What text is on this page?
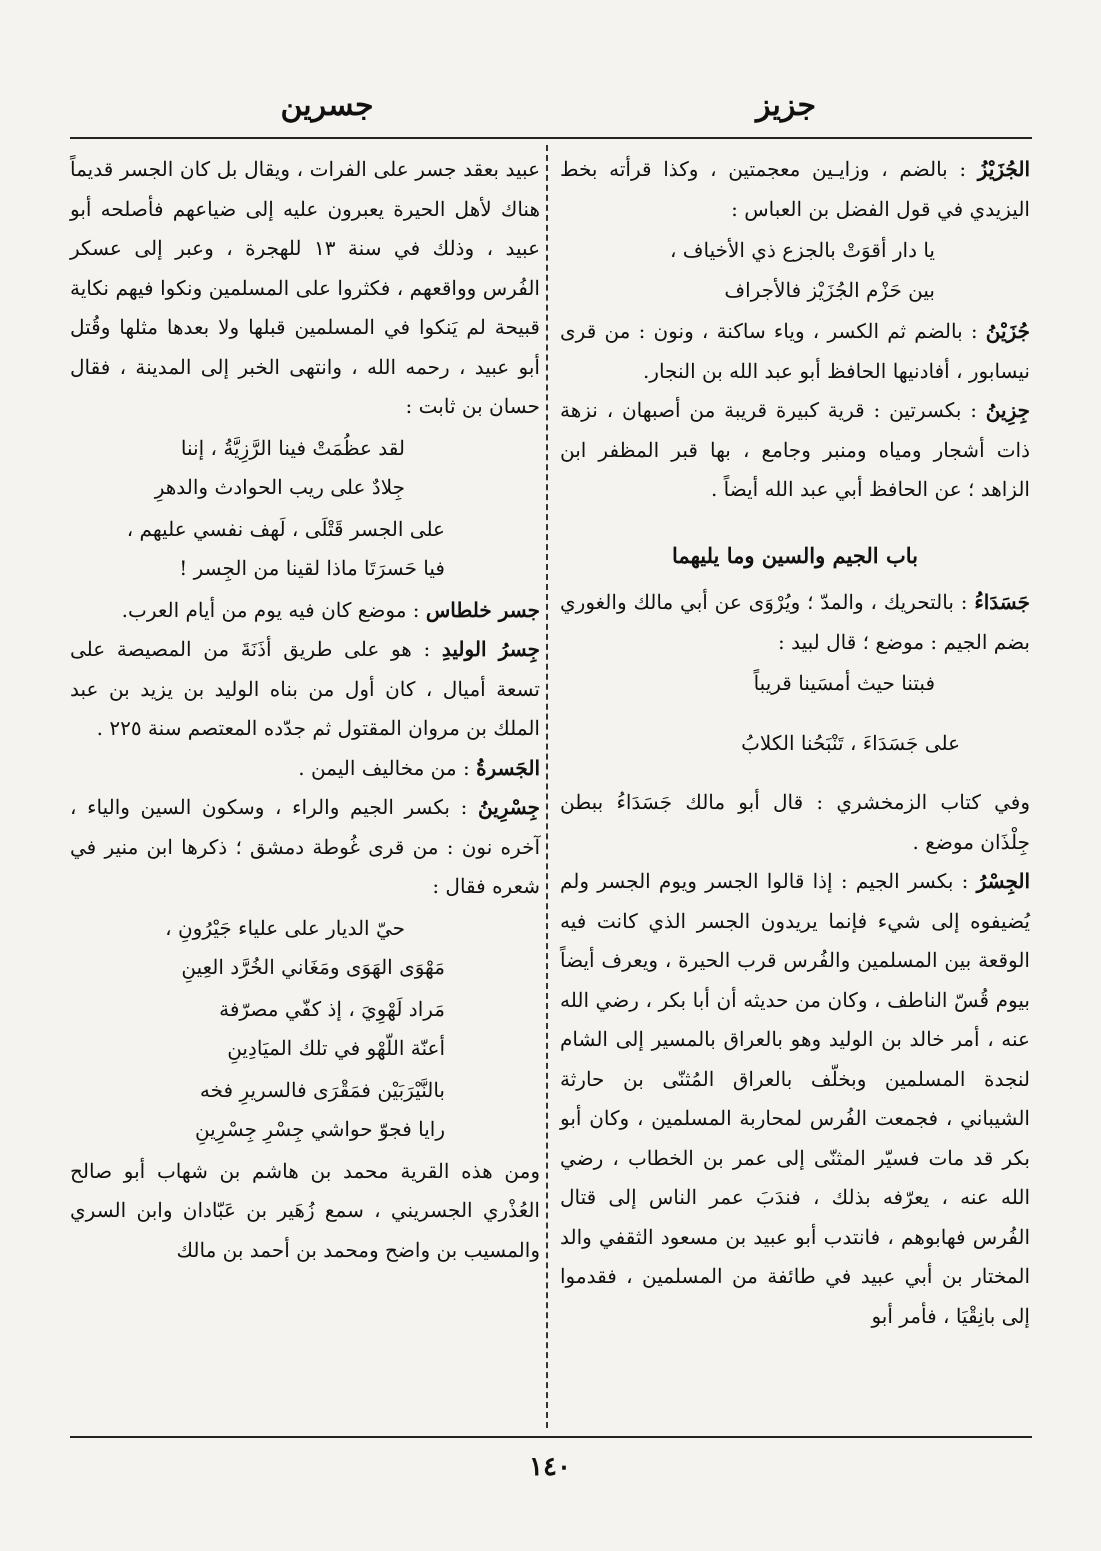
جزيز
جسرين

الجُزَيْزُ : بالضم ، وزايـين معجمتين ، وكذا قرأته بخط اليزيدي في قول الفضل بن العباس :

يا دار أقوَتْ بالجزع ذي الأخياف ،

بين حَزْم الجُزَيْز فالأجراف

جُزَيْنُ : بالضم ثم الكسر ، وياء ساكنة ، ونون : من قرى نيسابور ، أفادنيها الحافظ أبو عبد الله بن النجار.

جِزِينُ : بكسرتين : قرية كبيرة قريبة من أصبهان ، نزهة ذات أشجار ومياه ومنبر وجامع ، بها قبر المظفر ابن الزاهد ؛ عن الحافظ أبي عبد الله أيضاً .

باب الجيم والسين وما يليهما

جَسَدَاءُ : بالتحريك ، والمدّ ؛ ويُرْوَى عن أبي مالك والغوري بضم الجيم : موضع ؛ قال لبيد :

فبتنا حيث أمسَينا قريباً

على جَسَدَاءَ ، تَنْبَحُنا الكلابُ

وفي كتاب الزمخشري : قال أبو مالك جَسَدَاءُ ببطن جِلْذَان موضع .

الجِسْرُ : بكسر الجيم : إذا قالوا الجسر ويوم الجسر ولم يُضيفوه إلى شيء فإنما يريدون الجسر الذي كانت فيه الوقعة بين المسلمين والفُرس قرب الحيرة ، ويعرف أيضاً بيوم قُسّ الناطف ، وكان من حديثه أن أبا بكر ، رضي الله عنه ، أمر خالد بن الوليد وهو بالعراق بالمسير إلى الشام لنجدة المسلمين وبخلّف بالعراق المُثنّى بن حارثة الشيباني ، فجمعت الفُرس لمحاربة المسلمين ، وكان أبو بكر قد مات فسيّر المثنّى إلى عمر بن الخطاب ، رضي الله عنه ، يعرّفه بذلك ، فندَبَ عمر الناس إلى قتال الفُرس فهابوهم ، فانتدب أبو عبيد بن مسعود الثقفي والد المختار بن أبي عبيد في طائفة من المسلمين ، فقدموا إلى بانِقْيَا ، فأمر أبو

عبيد بعقد جسر على الفرات ، ويقال بل كان الجسر قديماً هناك لأهل الحيرة يعبرون عليه إلى ضياعهم فأصلحه أبو عبيد ، وذلك في سنة ١٣ للهجرة ، وعبر إلى عسكر الفُرس وواقعهم ، فكثروا على المسلمين ونكوا فيهم نكاية قبيحة لم يَنكوا في المسلمين قبلها ولا بعدها مثلها وقُتل أبو عبيد ، رحمه الله ، وانتهى الخبر إلى المدينة ، فقال حسان بن ثابت :

لقد عظُمَتْ فينا الرَّزِيَّةُ ، إننا

جِلادٌ على ريب الحوادث والدهرِ

على الجسر قَتْلَى ، لَهف نفسي عليهم ،

فيا حَسرَتَا ماذا لقينا من الجِسر !

جسر خلطاس : موضع كان فيه يوم من أيام العرب.

جِسرُ الوليدِ : هو على طريق أذَنَةَ من المصيصة على تسعة أميال ، كان أول من بناه الوليد بن يزيد بن عبد الملك بن مروان المقتول ثم جدّده المعتصم سنة ٢٢٥ .

الجَسرةُ : من مخاليف اليمن .

جِسْرِينُ : بكسر الجيم والراء ، وسكون السين والياء ، آخره نون : من قرى غُوطة دمشق ؛ ذكرها ابن منير في شعره فقال :

حيّ الديار على علياء جَيْرُونِ ،

مَهْوَى الهَوَى ومَغَاني الخُرَّد العِينِ

مَراد لَهْوِيَ ، إذ كفّي مصرّفة

أعنّة اللّهْو في تلك الميَادِينِ

بالنَّيْرَبَيْن فمَقْرَى فالسريرِ فخه

رايا فجوّ حواشي جِسْرِ جِسْرِينِ

ومن هذه القرية محمد بن هاشم بن شهاب أبو صالح العُذْري الجسريني ، سمع زُهَير بن عَبّادان وابن السري والمسيب بن واضح ومحمد بن أحمد بن مالك

١٤٠
